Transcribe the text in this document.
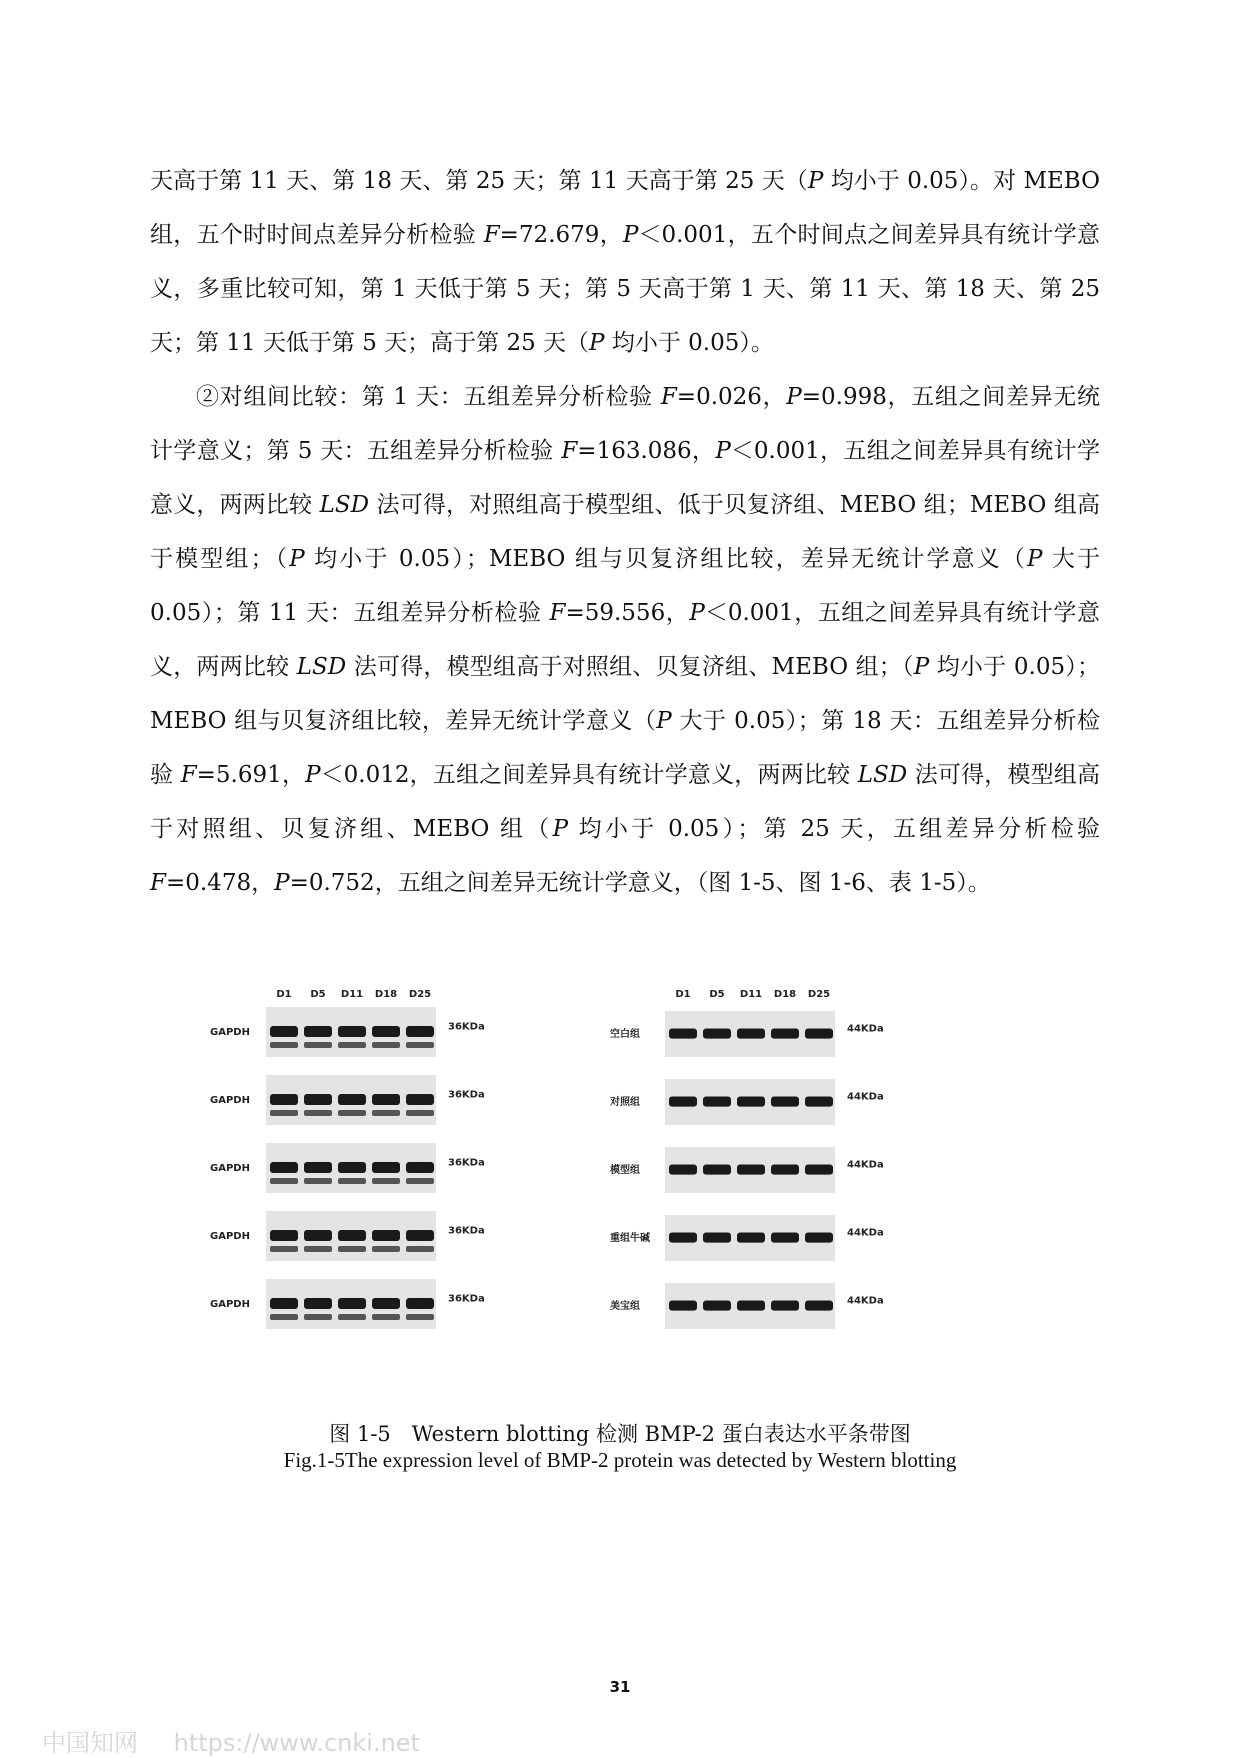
天高于第 11 天、第 18 天、第 25 天；第 11 天高于第 25 天（P 均小于 0.05）。对 MEBO 组，五个时时间点差异分析检验 F=72.679，P＜0.001，五个时间点之间差异具有统计学意义，多重比较可知，第 1 天低于第 5 天；第 5 天高于第 1 天、第 11 天、第 18 天、第 25 天；第 11 天低于第 5 天；高于第 25 天（P 均小于 0.05）。

②对组间比较：第 1 天：五组差异分析检验 F=0.026，P=0.998，五组之间差异无统计学意义；第 5 天：五组差异分析检验 F=163.086，P＜0.001，五组之间差异具有统计学意义，两两比较 LSD 法可得，对照组高于模型组、低于贝复济组、MEBO 组；MEBO 组高于模型组；（P 均小于 0.05）；MEBO 组与贝复济组比较，差异无统计学意义（P 大于 0.05）；第 11 天：五组差异分析检验 F=59.556，P＜0.001，五组之间差异具有统计学意义，两两比较 LSD 法可得，模型组高于对照组、贝复济组、MEBO 组；（P 均小于 0.05）；MEBO 组与贝复济组比较，差异无统计学意义（P 大于 0.05）；第 18 天：五组差异分析检验 F=5.691，P＜0.012，五组之间差异具有统计学意义，两两比较 LSD 法可得，模型组高于对照组、贝复济组、MEBO 组（P 均小于 0.05）；第 25 天，五组差异分析检验 F=0.478，P=0.752，五组之间差异无统计学意义，（图 1-5、图 1-6、表 1-5）。

D1 D5 D11 D18 D25
GAPDH	36KDa
GAPDH	36KDa
GAPDH	36KDa
GAPDH	36KDa
GAPDH	36KDa
D1 D5 D11 D18 D25
空白组	44KDa
对照组	44KDa
模型组	44KDa
重组牛碱	44KDa
美宝组	44KDa
图 1-5　Western blotting 检测 BMP-2 蛋白表达水平条带图
Fig.1-5The expression level of BMP-2 protein was detected by Western blotting
31
中国知网 https://www.cnki.net
